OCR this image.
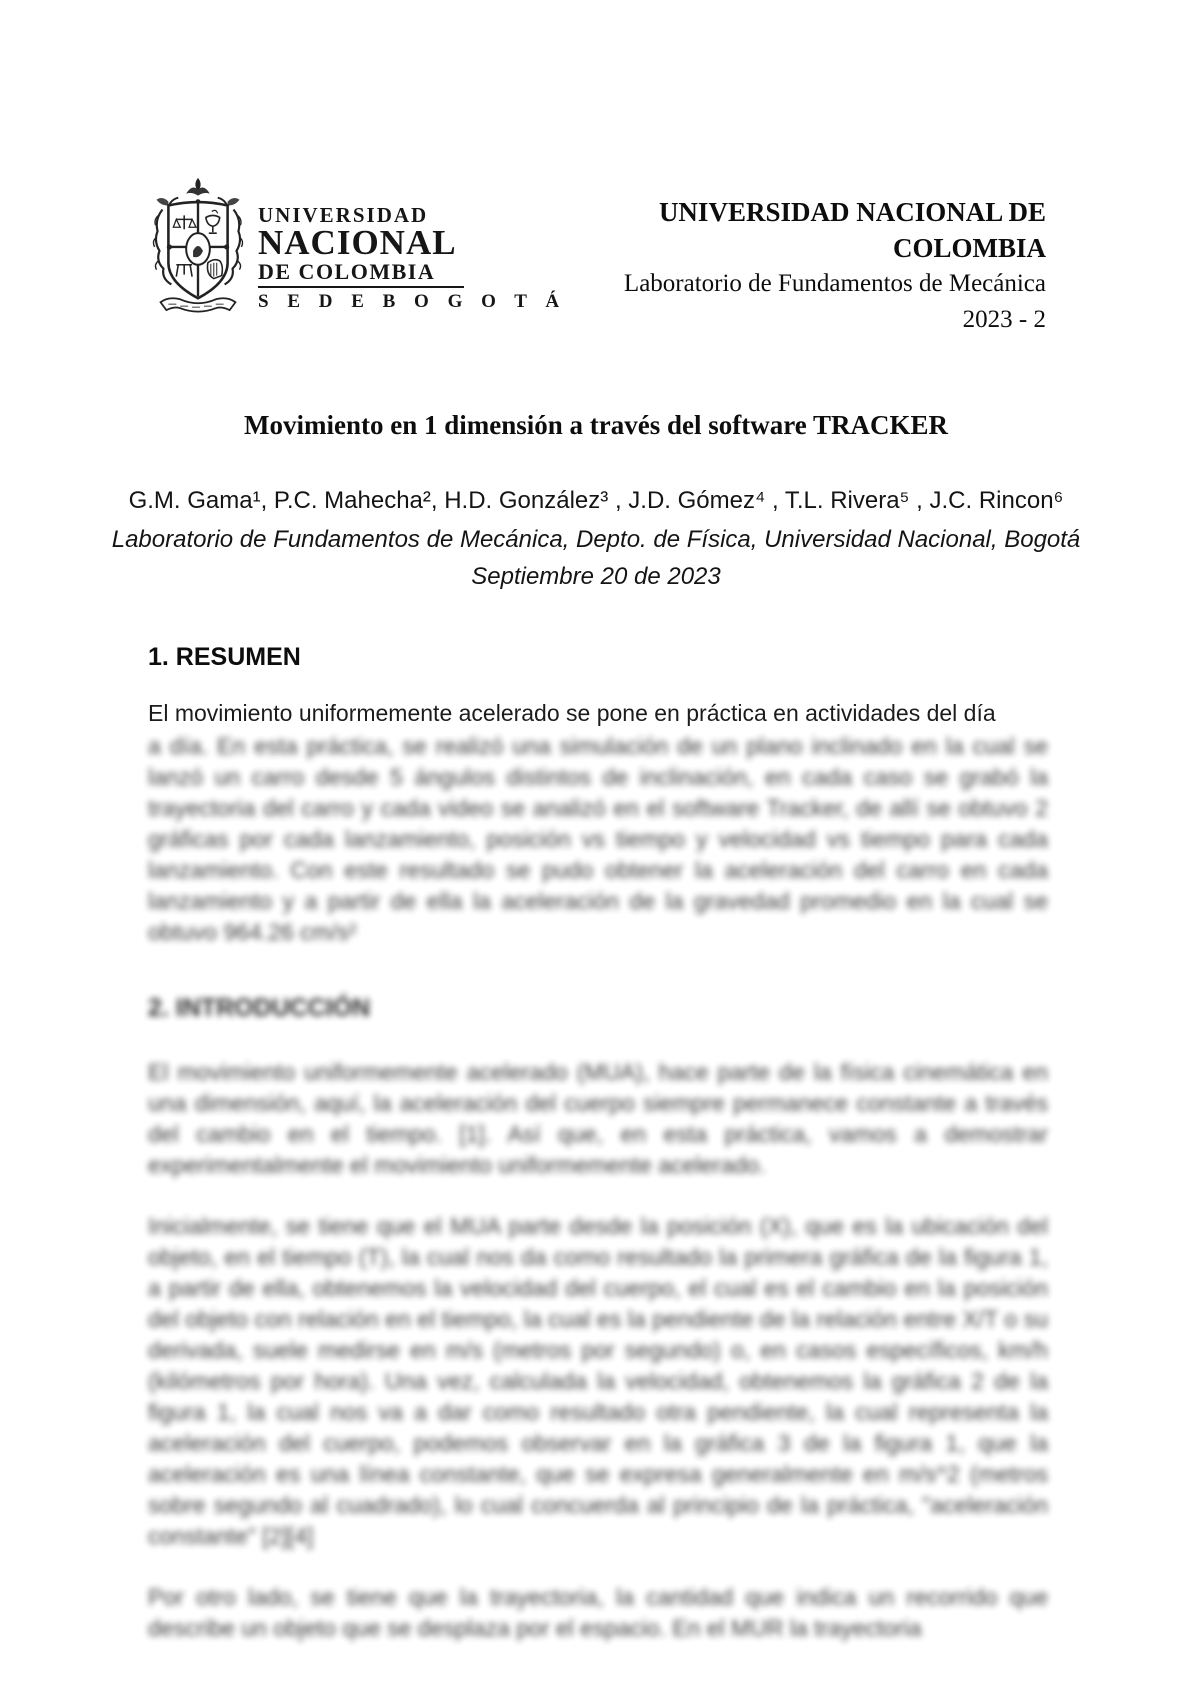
UNIVERSIDAD
NACIONAL
DE COLOMBIA
S E D E B O G O T Á
UNIVERSIDAD NACIONAL DE COLOMBIA
Laboratorio de Fundamentos de Mecánica
2023 - 2
Movimiento en 1 dimensión a través del software TRACKER
G.M. Gama¹, P.C. Mahecha², H.D. González³ , J.D. Gómez⁴ , T.L. Rivera⁵ , J.C. Rincon⁶
Laboratorio de Fundamentos de Mecánica, Depto. de Física, Universidad Nacional, Bogotá
Septiembre 20 de 2023
1. RESUMEN
El movimiento uniformemente acelerado se pone en práctica en actividades del día
a día. En esta práctica, se realizó una simulación de un plano inclinado en la cual se lanzó un carro desde 5 ángulos distintos de inclinación, en cada caso se grabó la trayectoria del carro y cada video se analizó en el software Tracker, de allí se obtuvo 2 gráficas por cada lanzamiento, posición vs tiempo y velocidad vs tiempo para cada lanzamiento. Con este resultado se pudo obtener la aceleración del carro en cada lanzamiento y a partir de ella la aceleración de la gravedad promedio en la cual se obtuvo 964.26 cm/s²
2. INTRODUCCIÓN
El movimiento uniformemente acelerado (MUA), hace parte de la física cinemática en una dimensión, aquí, la aceleración del cuerpo siempre permanece constante a través del cambio en el tiempo. [1]. Así que, en esta práctica, vamos a demostrar experimentalmente el movimiento uniformemente acelerado.
Inicialmente, se tiene que el MUA parte desde la posición (X), que es la ubicación del objeto, en el tiempo (T), la cual nos da como resultado la primera gráfica de la figura 1, a partir de ella, obtenemos la velocidad del cuerpo, el cual es el cambio en la posición del objeto con relación en el tiempo, la cual es la pendiente de la relación entre X/T o su derivada, suele medirse en m/s (metros por segundo) o, en casos específicos, km/h (kilómetros por hora). Una vez, calculada la velocidad, obtenemos la gráfica 2 de la figura 1, la cual nos va a dar como resultado otra pendiente, la cual representa la aceleración del cuerpo, podemos observar en la gráfica 3 de la figura 1, que la aceleración es una línea constante, que se expresa generalmente en m/s^2 (metros sobre segundo al cuadrado), lo cual concuerda al principio de la práctica, "aceleración constante" [2][4]
Por otro lado, se tiene que la trayectoria, la cantidad que indica un recorrido que describe un objeto que se desplaza por el espacio. En el MUR la trayectoria
